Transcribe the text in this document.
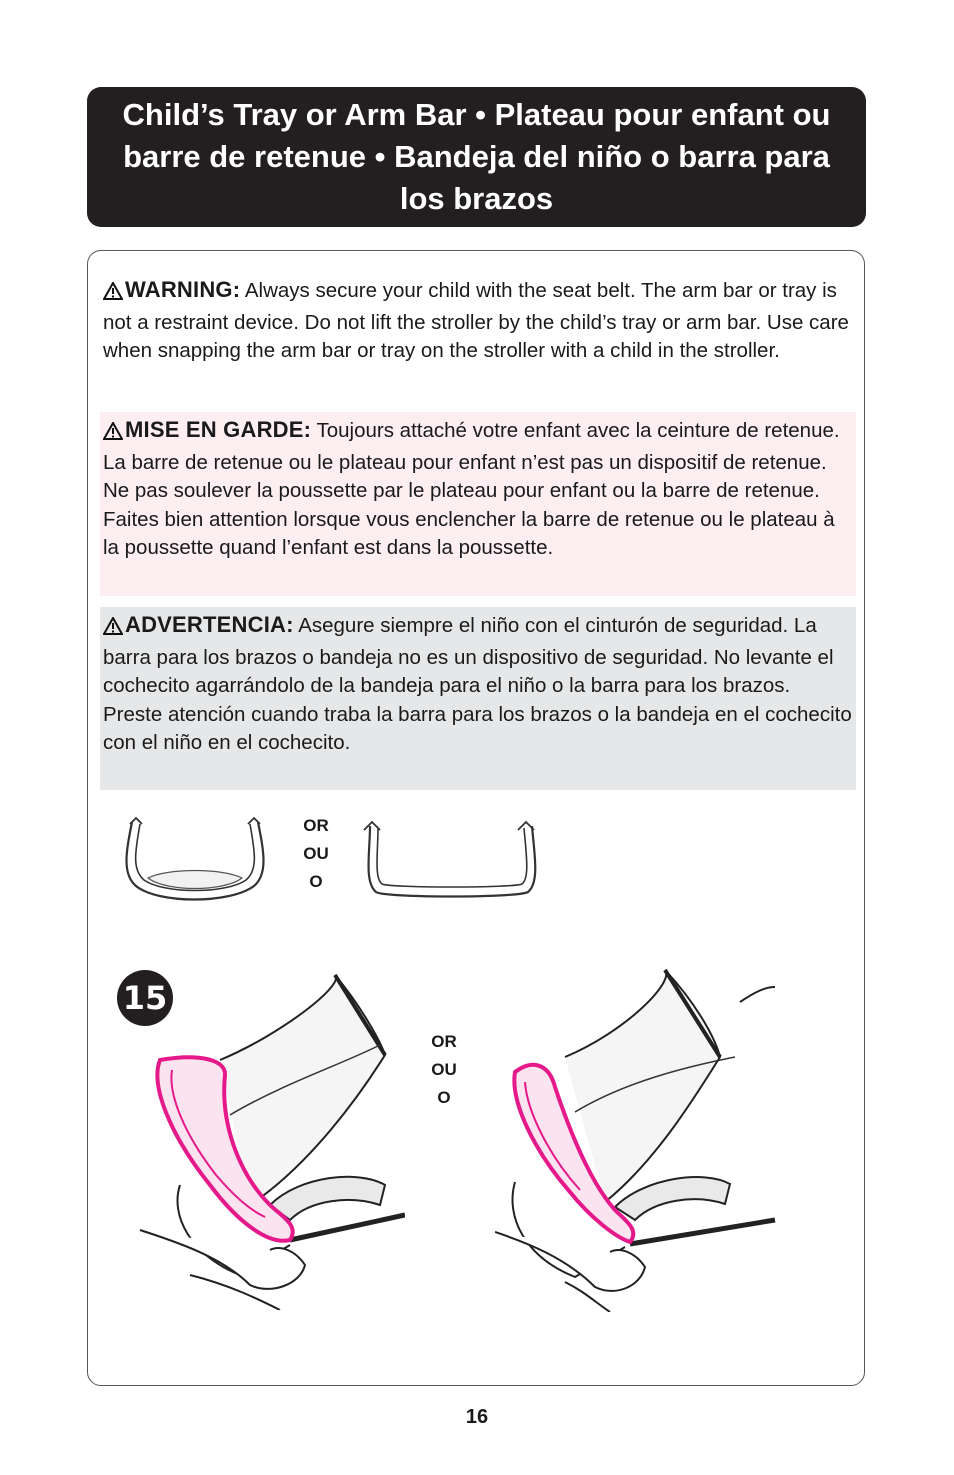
Child’s Tray or Arm Bar • Plateau pour enfant ou barre de retenue • Bandeja del niño o barra para los brazos
WARNING: Always secure your child with the seat belt. The arm bar or tray is not a restraint device. Do not lift the stroller by the child’s tray or arm bar. Use care when snapping the arm bar or tray on the stroller with a child in the stroller.
MISE EN GARDE: Toujours attaché votre enfant avec la ceinture de retenue. La barre de retenue ou le plateau pour enfant n’est pas un dispositif de retenue. Ne pas soulever la poussette par le plateau pour enfant ou la barre de retenue. Faites bien attention lorsque vous enclencher la barre de retenue ou le plateau à la poussette quand l’enfant est dans la poussette.
ADVERTENCIA: Asegure siempre el niño con el cinturón de seguridad. La barra para los brazos o bandeja no es un dispositivo de seguridad. No levante el cochecito agarrándolo de la bandeja para el niño o la barra para los brazos. Preste atención cuando traba la barra para los brazos o la bandeja en el cochecito con el niño en el cochecito.
OR
OU
O
15
OR
OU
O
16
